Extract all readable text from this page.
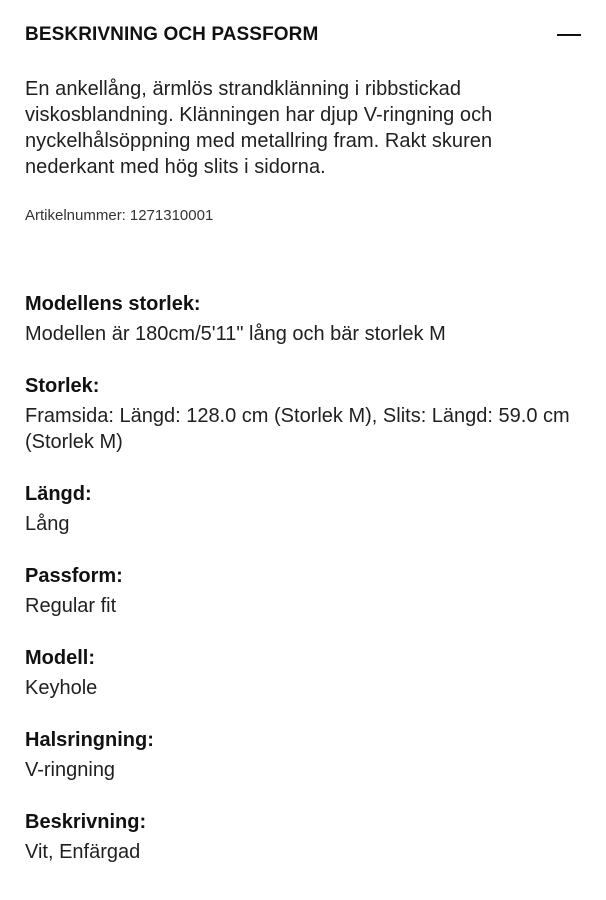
BESKRIVNING OCH PASSFORM

En ankellång, ärmlös strandklänning i ribbstickad viskosblandning. Klänningen har djup V-ringning och nyckelhålsöppning med metallring fram. Rakt skuren nederkant med hög slits i sidorna.

Artikelnummer: 1271310001

Modellens storlek:

Modellen är 180cm/5'11" lång och bär storlek M

Storlek:

Framsida: Längd: 128.0 cm (Storlek M), Slits: Längd: 59.0 cm (Storlek M)

Längd:

Lång

Passform:

Regular fit

Modell:

Keyhole

Halsringning:

V-ringning

Beskrivning:

Vit, Enfärgad
